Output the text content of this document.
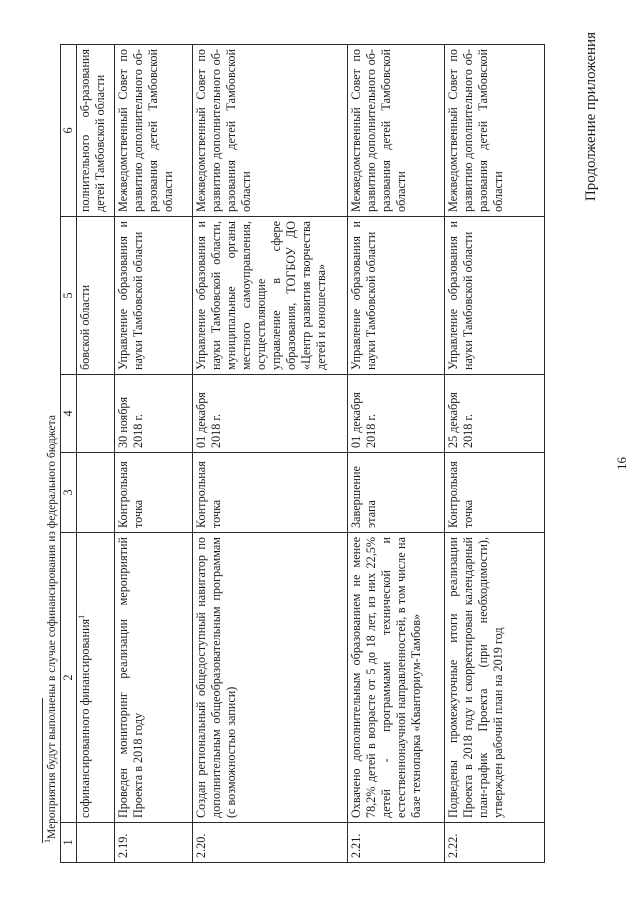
16
Продолжение приложения
1	2	3	4	5	6
	софинансированного финансирования$^1$			бовской области	полнительного об-разования детей Тамбовской области
2.19.	Проведен мониторинг реализации мероприятий Проекта в 2018 году	Контрольная точка	30 ноября 2018 г.	Управление образования и науки Тамбовской области	Межведомственный Совет по развитию дополнительного об-разования детей Тамбовской области
2.20.	Создан региональный общедоступный навигатор по дополнительным общеобразовательным программам (с возможностью записи)	Контрольная точка	01 декабря 2018 г.	Управление образования и науки Тамбовской области, муниципальные органы местного самоуправления, осуществляющие управление в сфере образования, ТОГБОУ ДО «Центр развития творчества детей и юношества»	Межведомственный Совет по развитию дополнительного об-разования детей Тамбовской области
2.21.	Охвачено дополнительным образованием не менее 78,2% детей в возрасте от 5 до 18 лет, из них 22,5% детей - программами технической и естественнонаучной направленностей, в том числе на базе технопарка «Кванториум-Тамбов»	Завершение этапа	01 декабря 2018 г.	Управление образования и науки Тамбовской области	Межведомственный Совет по развитию дополнительного об-разования детей Тамбовской области
2.22.	Подведены промежуточные итоги реализации Проекта в 2018 году и скорректирован календарный план-график Проекта (при необходимости), утвержден рабочий план на 2019 год	Контрольная точка	25 декабря 2018 г.	Управление образования и науки Тамбовской области	Межведомственный Совет по развитию дополнительного об-разования детей Тамбовской области
$^1$Мероприятия будут выполнены в случае софинансирования из федерального бюджета
